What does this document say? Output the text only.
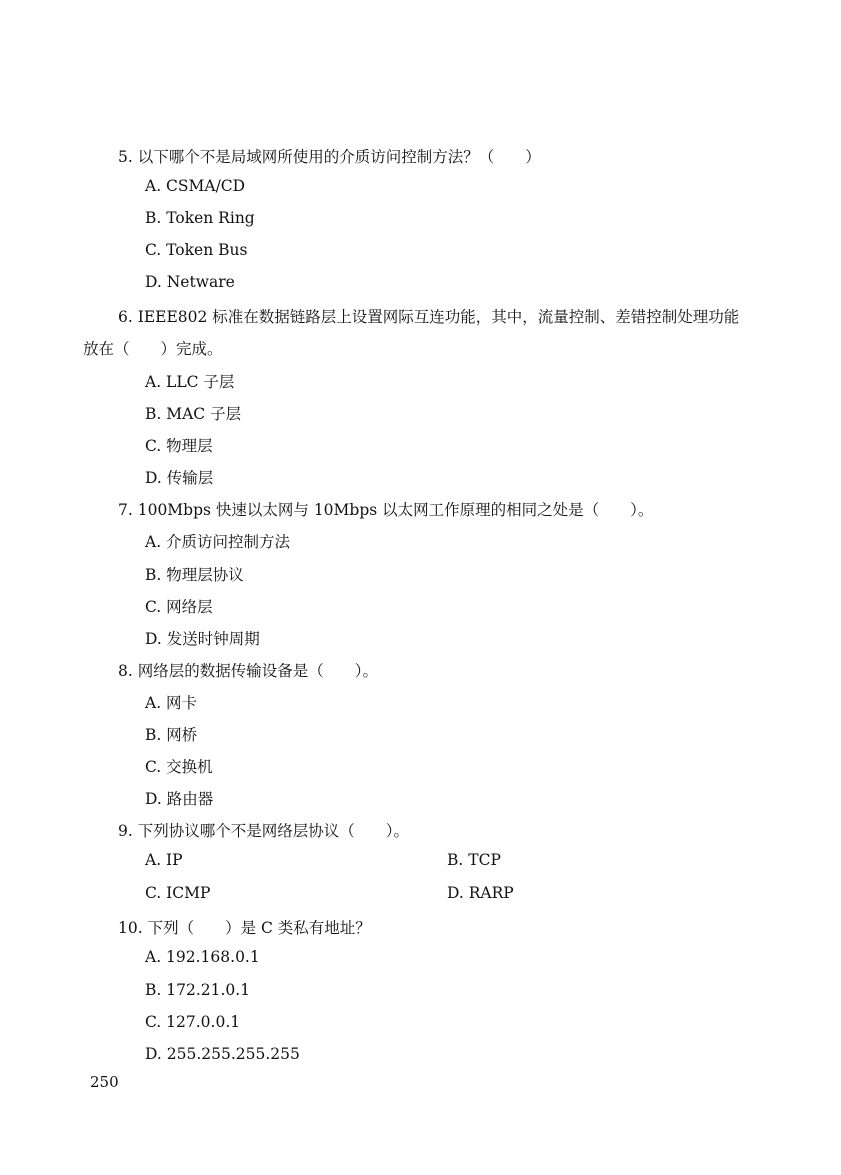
5. 以下哪个不是局域网所使用的介质访问控制方法？（　　）
A. CSMA/CD
B. Token Ring
C. Token Bus
D. Netware
6. IEEE802 标准在数据链路层上设置网际互连功能，其中，流量控制、差错控制处理功能
放在（　　）完成。
A. LLC 子层
B. MAC 子层
C. 物理层
D. 传输层
7. 100Mbps 快速以太网与 10Mbps 以太网工作原理的相同之处是（　　）。
A. 介质访问控制方法
B. 物理层协议
C. 网络层
D. 发送时钟周期
8. 网络层的数据传输设备是（　　）。
A. 网卡
B. 网桥
C. 交换机
D. 路由器
9. 下列协议哪个不是网络层协议（　　）。
A. IP	B. TCP
C. ICMP	D. RARP
10. 下列（　　）是 C 类私有地址？
A. 192.168.0.1
B. 172.21.0.1
C. 127.0.0.1
D. 255.255.255.255
250
